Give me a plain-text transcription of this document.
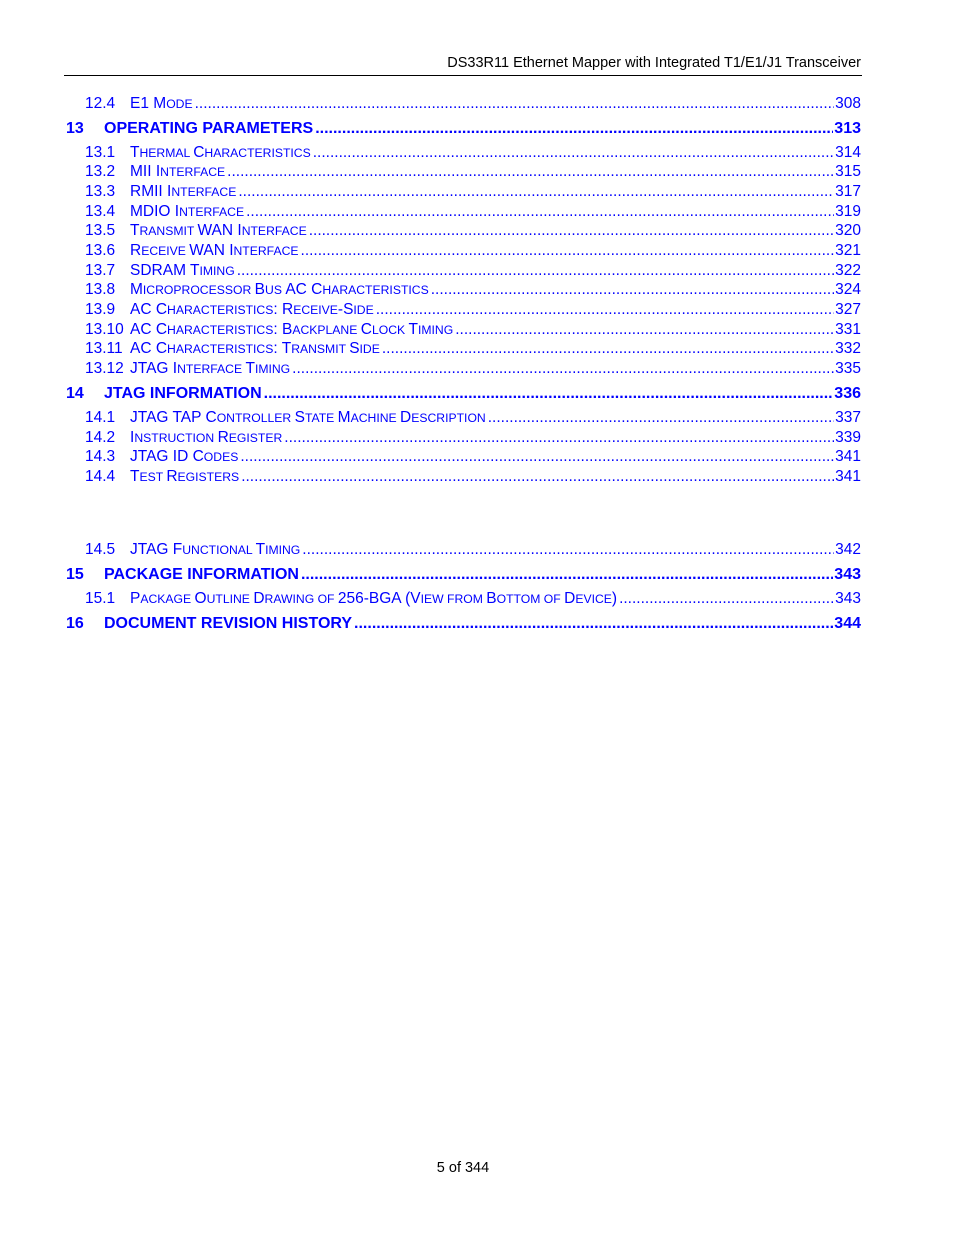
DS33R11 Ethernet Mapper with Integrated T1/E1/J1 Transceiver
12.4 E1 MODE .....	308
13 OPERATING PARAMETERS .....	313
13.1 THERMAL CHARACTERISTICS .....	314
13.2 MII INTERFACE .....	315
13.3 RMII INTERFACE .....	317
13.4 MDIO INTERFACE .....	319
13.5 TRANSMIT WAN INTERFACE .....	320
13.6 RECEIVE WAN INTERFACE .....	321
13.7 SDRAM TIMING .....	322
13.8 MICROPROCESSOR BUS AC CHARACTERISTICS .....	324
13.9 AC CHARACTERISTICS: RECEIVE-SIDE .....	327
13.10 AC CHARACTERISTICS: BACKPLANE CLOCK TIMING .....	331
13.11 AC CHARACTERISTICS: TRANSMIT SIDE .....	332
13.12 JTAG INTERFACE TIMING .....	335
14 JTAG INFORMATION .....	336
14.1 JTAG TAP CONTROLLER STATE MACHINE DESCRIPTION .....	337
14.2 INSTRUCTION REGISTER .....	339
14.3 JTAG ID CODES .....	341
14.4 TEST REGISTERS .....	341
14.5 JTAG FUNCTIONAL TIMING .....	342
15 PACKAGE INFORMATION .....	343
15.1 PACKAGE OUTLINE DRAWING OF 256-BGA (VIEW FROM BOTTOM OF DEVICE) .....	343
16 DOCUMENT REVISION HISTORY .....	344
5 of 344
